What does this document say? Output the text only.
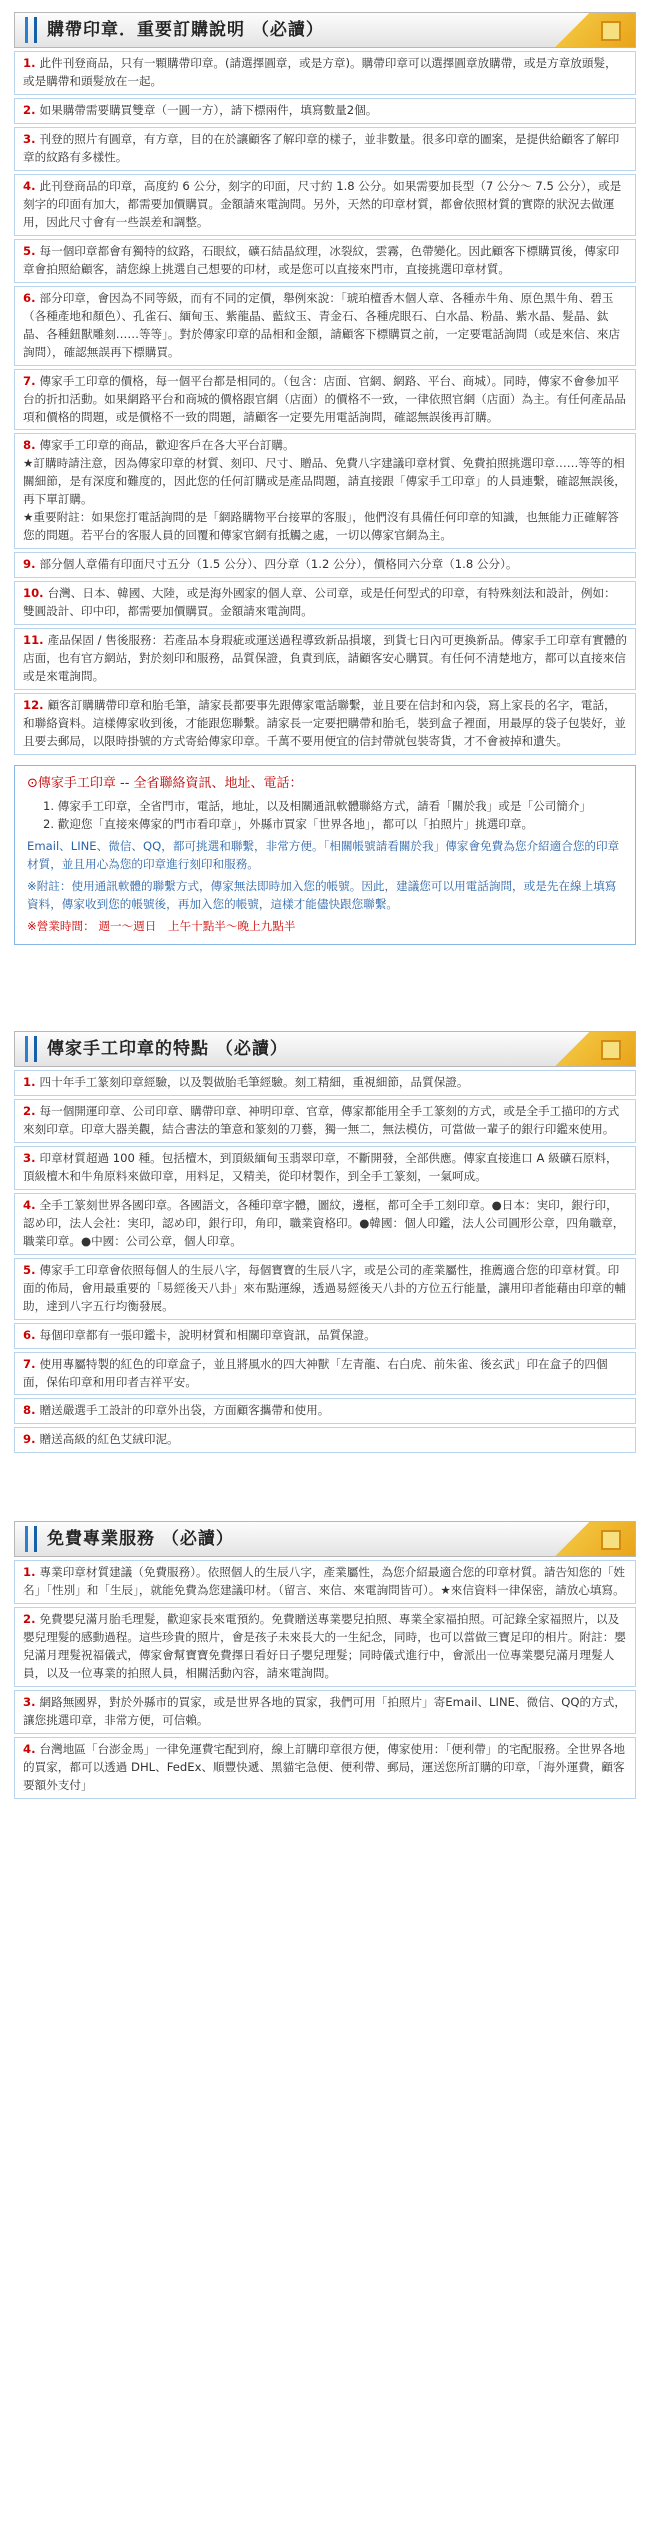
購帶印章．重要訂購說明 （必讀）
1. 此件刊登商品，只有一顆購帶印章。(請選擇圓章，或是方章)。購帶印章可以選擇圓章放購帶，或是方章放頭髮，或是購帶和頭髮放在一起。
2. 如果購帶需要購買雙章（一圓一方），請下標兩件，填寫數量2個。
3. 刊登的照片有圓章，有方章，目的在於讓顧客了解印章的樣子，並非數量。很多印章的圖案，是提供給顧客了解印章的紋路有多樣性。
4. 此刊登商品的印章，高度約 6 公分，刻字的印面，尺寸約 1.8 公分。如果需要加長型（7 公分～ 7.5 公分），或是刻字的印面有加大，都需要加價購買。金額請來電詢問。另外，天然的印章材質，都會依照材質的實際的狀況去做運用，因此尺寸會有一些誤差和調整。
5. 每一個印章都會有獨特的紋路，石眼紋，礦石結晶紋理，冰裂紋，雲霧，色帶變化。因此顧客下標購買後，傳家印章會拍照給顧客，請您線上挑選自己想要的印材，或是您可以直接來門市，直接挑選印章材質。
6. 部分印章，會因為不同等級，而有不同的定價，舉例來說：「琥珀檀香木個人章、各種赤牛角、原色黑牛角、碧玉（各種產地和顏色）、孔雀石、緬甸玉、紫龍晶、藍紋玉、青金石、各種虎眼石、白水晶、粉晶、紫水晶、髮晶、鈦晶、各種鈕獸雕刻……等等」。對於傳家印章的品相和金額，請顧客下標購買之前，一定要電話詢問（或是來信、來店詢問），確認無誤再下標購買。
7. 傳家手工印章的價格，每一個平台都是相同的。（包含：店面、官網、網路、平台、商城）。同時，傳家不會參加平台的折扣活動。如果網路平台和商城的價格跟官網（店面）的價格不一致，一律依照官網（店面）為主。有任何產品品項和價格的問題，或是價格不一致的問題，請顧客一定要先用電話詢問，確認無誤後再訂購。
8. 傳家手工印章的商品，歡迎客戶在各大平台訂購。
★訂購時請注意，因為傳家印章的材質、刻印、尺寸、贈品、免費八字建議印章材質、免費拍照挑選印章……等等的相關細節，是有深度和難度的，因此您的任何訂購或是產品問題，請直接跟「傳家手工印章」的人員連繫，確認無誤後，再下單訂購。
★重要附註：如果您打電話詢問的是「網路購物平台接單的客服」，他們沒有具備任何印章的知識，也無能力正確解答您的問題。若平台的客服人員的回覆和傳家官網有抵觸之處，一切以傳家官網為主。
9. 部分個人章備有印面尺寸五分（1.5 公分）、四分章（1.2 公分），價格同六分章（1.8 公分）。
10. 台灣、日本、韓國、大陸，或是海外國家的個人章、公司章，或是任何型式的印章，有特殊刻法和設計，例如：雙圓設計、印中印，都需要加價購買。金額請來電詢問。
11. 產品保固 / 售後服務：若產品本身瑕疵或運送過程導致新品損壞，到貨七日內可更換新品。傳家手工印章有實體的店面，也有官方網站，對於刻印和服務，品質保證，負責到底，請顧客安心購買。有任何不清楚地方，都可以直接來信或是來電詢問。
12. 顧客訂購購帶印章和胎毛筆，請家長都要事先跟傳家電話聯繫，並且要在信封和內袋，寫上家長的名字，電話，和聯絡資料。這樣傳家收到後，才能跟您聯繫。請家長一定要把購帶和胎毛，裝到盒子裡面，用最厚的袋子包裝好，並且要去郵局，以限時掛號的方式寄給傳家印章。千萬不要用便宜的信封帶就包裝寄貨，才不會被掉和遺失。
⊙傳家手工印章 -- 全省聯絡資訊、地址、電話：
1. 傳家手工印章，全省門市，電話，地址，以及相關通訊軟體聯絡方式，請看「關於我」或是「公司簡介」
2. 歡迎您「直接來傳家的門市看印章」，外縣市買家「世界各地」，都可以「拍照片」挑選印章。

Email、LINE、微信、QQ，都可挑選和聯繫，非常方便。「相關帳號請看關於我」傳家會免費為您介紹適合您的印章材質，並且用心為您的印章進行刻印和服務。

※附註：使用通訊軟體的聯繫方式，傳家無法即時加入您的帳號。因此，建議您可以用電話詢問，或是先在線上填寫資料，傳家收到您的帳號後，再加入您的帳號，這樣才能儘快跟您聯繫。

※營業時間： 週一～週日　上午十點半～晚上九點半

傳家手工印章的特點 （必讀）
1. 四十年手工篆刻印章經驗，以及製做胎毛筆經驗。刻工精細，重視細節，品質保證。
2. 每一個開運印章、公司印章、購帶印章、神明印章、官章，傳家都能用全手工篆刻的方式，或是全手工描印的方式來刻印章。印章大器美觀，結合書法的筆意和篆刻的刀藝，獨一無二，無法模仿，可當做一輩子的銀行印鑑來使用。
3. 印章材質超過 100 種。包括檀木，到頂級緬甸玉翡翠印章，不斷開發，全部供應。傳家直接進口 A 級礦石原料，頂級檀木和牛角原料來做印章，用料足，又精美，從印材製作，到全手工篆刻，一氣呵成。
4. 全手工篆刻世界各國印章。各國語文，各種印章字體，圖紋，邊框，都可全手工刻印章。●日本：実印，銀行印，認め印，法人会社：実印，認め印，銀行印，角印，職業資格印。●韓國：個人印鑑，法人公司圓形公章，四角職章，職業印章。●中國：公司公章，個人印章。
5. 傳家手工印章會依照每個人的生辰八字，每個寶寶的生辰八字，或是公司的產業屬性，推薦適合您的印章材質。印面的佈局，會用最重要的「易經後天八卦」來布點運線，透過易經後天八卦的方位五行能量，讓用印者能藉由印章的輔助，達到八字五行均衡發展。
6. 每個印章都有一張印鑑卡，說明材質和相關印章資訊，品質保證。
7. 使用專屬特製的紅色的印章盒子，並且將風水的四大神獸「左青龍、右白虎、前朱雀、後玄武」印在盒子的四個面，保佑印章和用印者吉祥平安。
8. 贈送嚴選手工設計的印章外出袋，方面顧客攜帶和使用。
9. 贈送高級的紅色艾絨印泥。
免費專業服務 （必讀）
1. 專業印章材質建議（免費服務）。依照個人的生辰八字，產業屬性，為您介紹最適合您的印章材質。請告知您的「姓名」「性別」和「生辰」，就能免費為您建議印材。（留言、來信、來電詢問皆可）。★來信資料一律保密，請放心填寫。
2. 免費嬰兒滿月胎毛理髮，歡迎家長來電預約。免費贈送專業嬰兒拍照、專業全家福拍照。可記錄全家福照片，以及嬰兒理髮的感動過程。這些珍貴的照片，會是孩子未來長大的一生紀念，同時，也可以當做三寶足印的相片。附註：嬰兒滿月理髮祝福儀式，傳家會幫寶寶免費擇日看好日子嬰兒理髮；同時儀式進行中，會派出一位專業嬰兒滿月理髮人員，以及一位專業的拍照人員，相關活動內容，請來電詢問。
3. 網路無國界，對於外縣市的買家，或是世界各地的買家，我們可用「拍照片」寄Email、LINE、微信、QQ的方式，讓您挑選印章，非常方便，可信賴。
4. 台灣地區「台澎金馬」一律免運費宅配到府，線上訂購印章很方便，傳家使用：「便利帶」的宅配服務。全世界各地的買家，都可以透過 DHL、FedEx、順豐快遞、黑貓宅急便、便利帶、郵局，運送您所訂購的印章，「海外運費，顧客要額外支付」
